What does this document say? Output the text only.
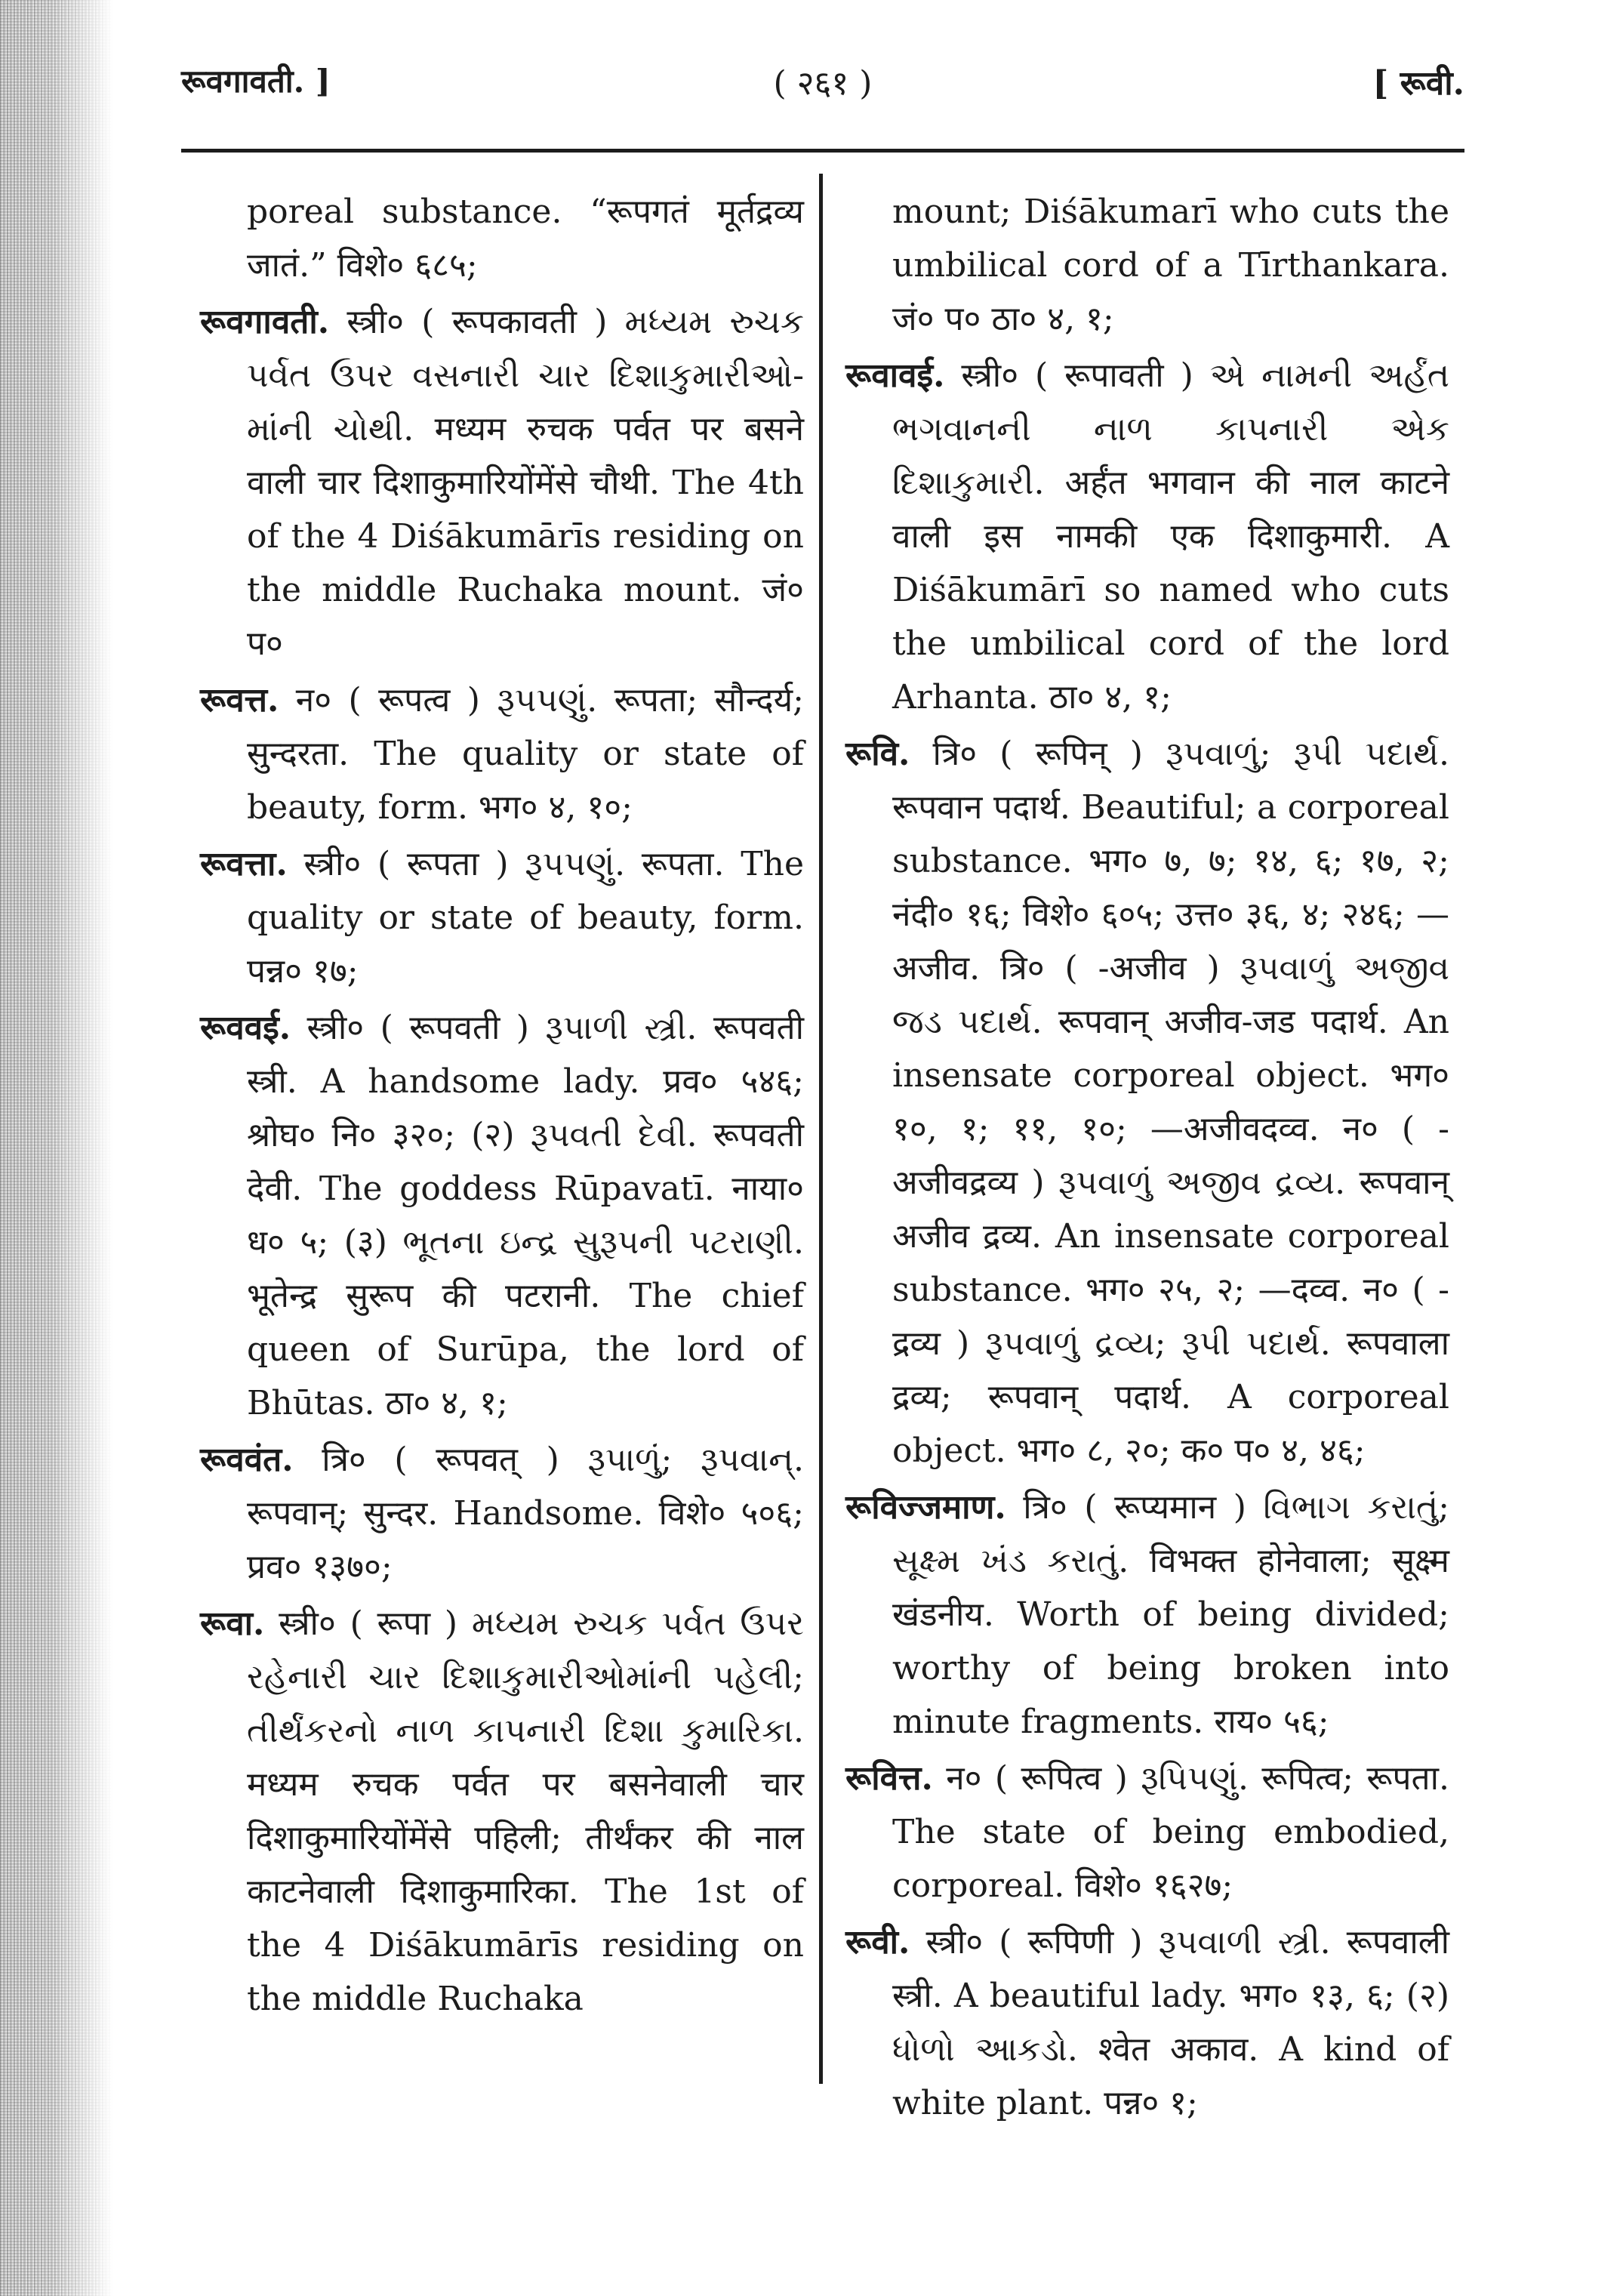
रूवगावती. ]	( २६१ )	[ रूवी.

poreal substance. “रूपगतं मूर्तद्रव्य जातं.” विशे० ६८५;

रूवगावती. स्त्री० ( रूपकावती ) મધ્યમ રુચક પર્વત ઉપર વસનારી ચાર દિશાકુમારીઓ- માંની ચોથી. मध्यम रुचक पर्वत पर बसने वाली चार दिशाकुमारियोंमेंसे चौथी. The 4th of the 4 Diśākumārīs residing on the middle Ruchaka mount. जं० प०

रूवत्त. न० ( रूपत्व ) રૂપપણું. रूपता; सौन्दर्य; सुन्दरता. The quality or state of beauty, form. भग० ४, १०;

रूवत्ता. स्त्री० ( रूपता ) રૂપપણું. रूपता. The quality or state of beauty, form. पन्न० १७;

रूववई. स्त्री० ( रूपवती ) રૂપાળી સ્ત્રી. रूपवती स्त्री. A handsome lady. प्रव० ५४६; श्रोघ० नि० ३२०; (२) રૂપવતી દેવી. रूपवती देवी. The goddess Rūpavatī. नाया० ध० ५; (३) ભૂતના ઇન્દ્ર સુરૂપની પટરાણી. भूतेन्द्र सुरूप की पटरानी. The chief queen of Surūpa, the lord of Bhūtas. ठा० ४, १;

रूववंत. त्रि० ( रूपवत् ) રૂપાળું; રૂપવાન્. रूपवान्; सुन्दर. Handsome. विशे० ५०६; प्रव० १३७०;

रूवा. स्त्री० ( रूपा ) મધ્યમ રુચક પર્વત ઉપર રહેનારી ચાર દિશાકુમારીઓમાંની પહેલી; તીર્થંકરનો નાળ કાપનારી દિશા કુમારિકા. मध्यम रुचक पर्वत पर बसनेवाली चार दिशाकुमारियोंमेंसे पहिली; तीर्थंकर की नाल काटनेवाली दिशाकुमारिका. The 1st of the 4 Diśākumārīs residing on the middle Ruchaka

mount; Diśākumarī who cuts the umbilical cord of a Tīrthankara. जं० प० ठा० ४, १;

रूवावई. स्त्री० ( रूपावती ) એ નામની અર્હંત ભગવાનની નાળ કાપનારી એક દિશાકુમારી. अर्हंत भगवान की नाल काटने वाली इस नामकी एक दिशाकुमारी. A Diśākumārī so named who cuts the umbilical cord of the lord Arhanta. ठा० ४, १;

रूवि. त्रि० ( रूपिन् ) રૂપવાળું; રૂપી પદાર્થ. रूपवान पदार्थ. Beautiful; a corporeal substance. भग० ७, ७; १४, ६; १७, २; नंदी० १६; विशे० ६०५; उत्त० ३६, ४; २४६; —अजीव. त्रि० ( -अजीव ) રૂપવાળું અજીવ જડ પદાર્થ. रूपवान् अजीव-जड पदार्थ. An insensate corporeal object. भग० १०, १; ११, १०; —अजीवदव्व. न० ( -अजीवद्रव्य ) રૂપવાળું અજીવ દ્રવ્ય. रूपवान् अजीव द्रव्य. An insensate corporeal substance. भग० २५, २; —दव्व. न० ( -द्रव्य ) રૂપવાળું દ્રવ્ય; રૂપી પદાર્થ. रूपवाला द्रव्य; रूपवान् पदार्थ. A corporeal object. भग० ८, २०; क० प० ४, ४६;

रूविज्जमाण. त्रि० ( रूप्यमान ) વિભાગ કરાતું; સૂક્ષ્મ ખંડ કરાતું. विभक्त होनेवाला; सूक्ष्म खंडनीय. Worth of being divided; worthy of being broken into minute fragments. राय० ५६;

रूवित्त. न० ( रूपित्व ) રૂપિપણું. रूपित्व; रूपता. The state of being embodied, corporeal. विशे० १६२७;

रूवी. स्त्री० ( रूपिणी ) રૂપવાળી સ્ત્રી. रूपवाली स्त्री. A beautiful lady. भग० १३, ६; (२) ધોળો આકડો. श्वेत अकाव. A kind of white plant. पन्न० १;
